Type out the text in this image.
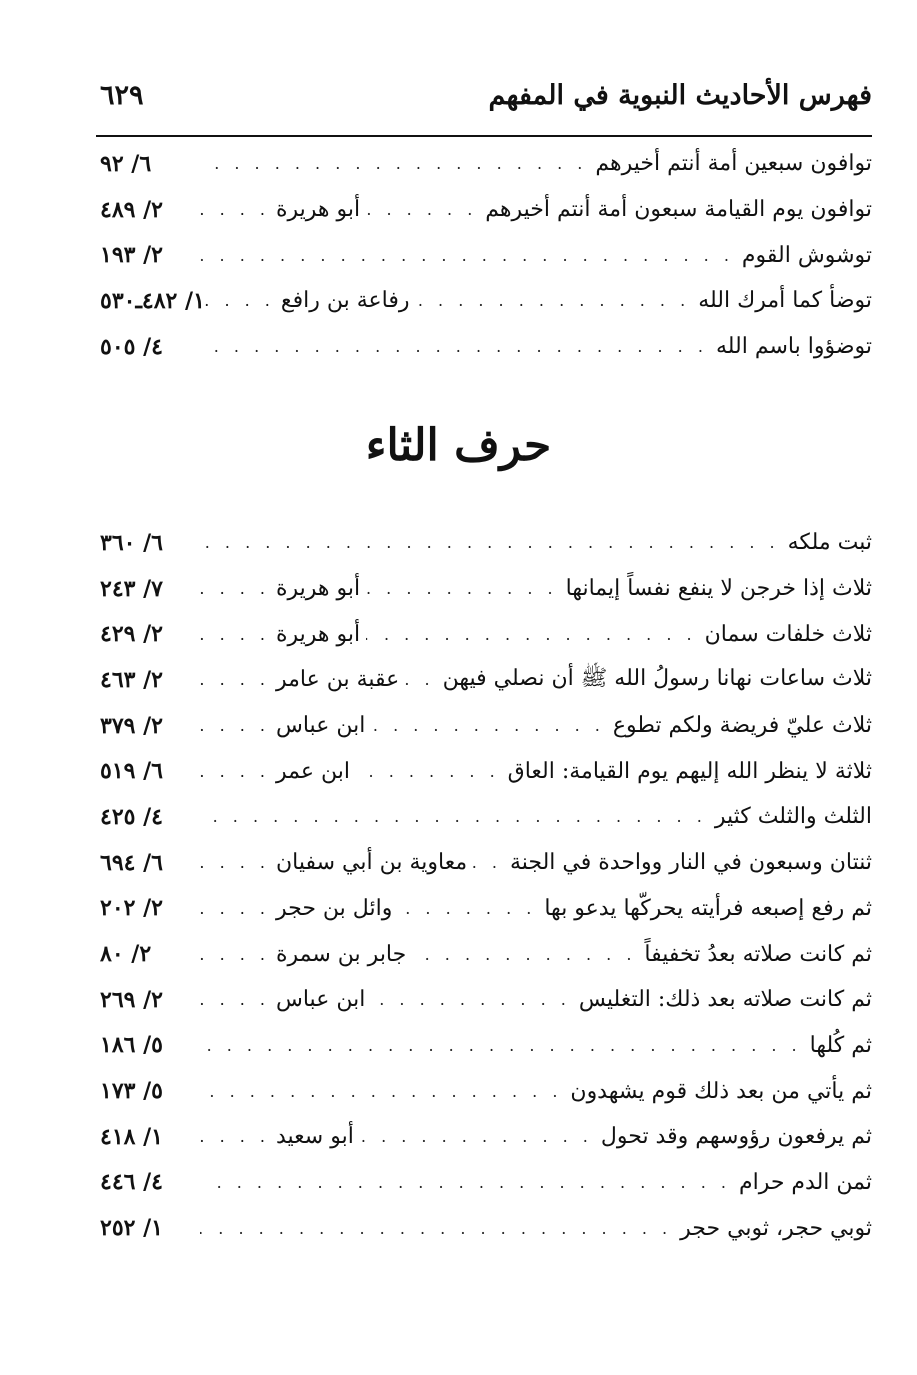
فهرس الأحاديث النبوية في المفهم
٦٢٩
توافون سبعين أمة أنتم أخيرهم
. . .
٦/ ٩٢
توافون يوم القيامة سبعون أمة أنتم أخيرهم
. . .
أبو هريرة
. . .
٢/ ٤٨٩
توشوش القوم
. . .
٢/ ١٩٣
توضأ كما أمرك الله
. . .
رفاعة بن رافع
. . .
١/ ٤٨٢ـ٥٣٠
توضؤوا باسم الله
. . .
٤/ ٥٠٥
حرف الثاء
ثبت ملكه
. . .
٦/ ٣٦٠
ثلاث إذا خرجن لا ينفع نفساً إيمانها
. . .
أبو هريرة
. . .
٧/ ٢٤٣
ثلاث خلفات سمان
. . .
أبو هريرة
. . .
٢/ ٤٢٩
ثلاث ساعات نهانا رسولُ الله ﷺ أن نصلي فيهن
. . .
عقبة بن عامر
. . .
٢/ ٤٦٣
ثلاث عليّ فريضة ولكم تطوع
. . .
ابن عباس
. . .
٢/ ٣٧٩
ثلاثة لا ينظر الله إليهم يوم القيامة: العاق
. . .
ابن عمر
. . .
٦/ ٥١٩
الثلث والثلث كثير
. . .
٤/ ٤٢٥
ثنتان وسبعون في النار وواحدة في الجنة
. . .
معاوية بن أبي سفيان
. . .
٦/ ٦٩٤
ثم رفع إصبعه فرأيته يحركّها يدعو بها
. . .
وائل بن حجر
. . .
٢/ ٢٠٢
ثم كانت صلاته بعدُ تخفيفاً
. . .
جابر بن سمرة
. . .
٢/ ٨٠
ثم كانت صلاته بعد ذلك: التغليس
. . .
ابن عباس
. . .
٢/ ٢٦٩
ثم كُلها
. . .
٥/ ١٨٦
ثم يأتي من بعد ذلك قوم يشهدون
. . .
٥/ ١٧٣
ثم يرفعون رؤوسهم وقد تحول
. . .
أبو سعيد
. . .
١/ ٤١٨
ثمن الدم حرام
. . .
٤/ ٤٤٦
ثوبي حجر، ثوبي حجر
. . .
١/ ٢٥٢
